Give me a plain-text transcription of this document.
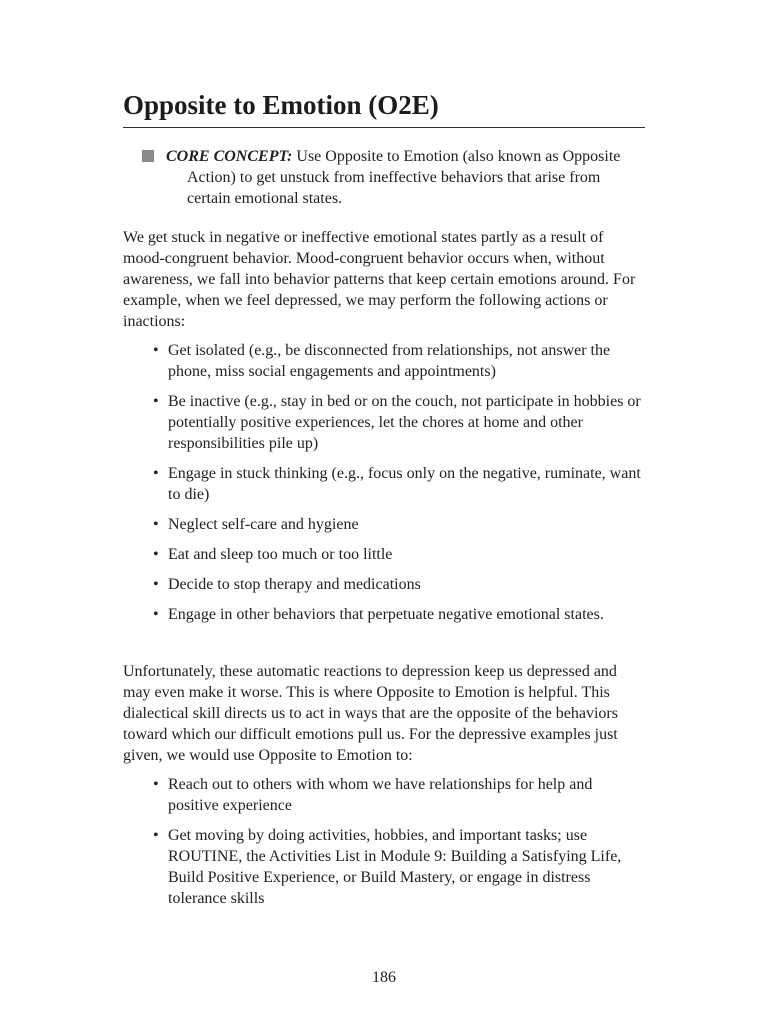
Opposite to Emotion (O2E)
CORE CONCEPT: Use Opposite to Emotion (also known as Opposite Action) to get unstuck from ineffective behaviors that arise from certain emotional states.

We get stuck in negative or ineffective emotional states partly as a result of mood-congruent behavior. Mood-congruent behavior occurs when, without awareness, we fall into behavior patterns that keep certain emotions around. For example, when we feel depressed, we may perform the following actions or inactions:

• Get isolated (e.g., be disconnected from relationships, not answer the phone, miss social engagements and appointments)
• Be inactive (e.g., stay in bed or on the couch, not participate in hobbies or potentially positive experiences, let the chores at home and other responsibilities pile up)
• Engage in stuck thinking (e.g., focus only on the negative, ruminate, want to die)
• Neglect self-care and hygiene
• Eat and sleep too much or too little
• Decide to stop therapy and medications
• Engage in other behaviors that perpetuate negative emotional states.

Unfortunately, these automatic reactions to depression keep us depressed and may even make it worse. This is where Opposite to Emotion is helpful. This dialectical skill directs us to act in ways that are the opposite of the behaviors toward which our difficult emotions pull us. For the depressive examples just given, we would use Opposite to Emotion to:

• Reach out to others with whom we have relationships for help and positive experience
• Get moving by doing activities, hobbies, and important tasks; use ROUTINE, the Activities List in Module 9: Building a Satisfying Life, Build Positive Experience, or Build Mastery, or engage in distress tolerance skills
186
